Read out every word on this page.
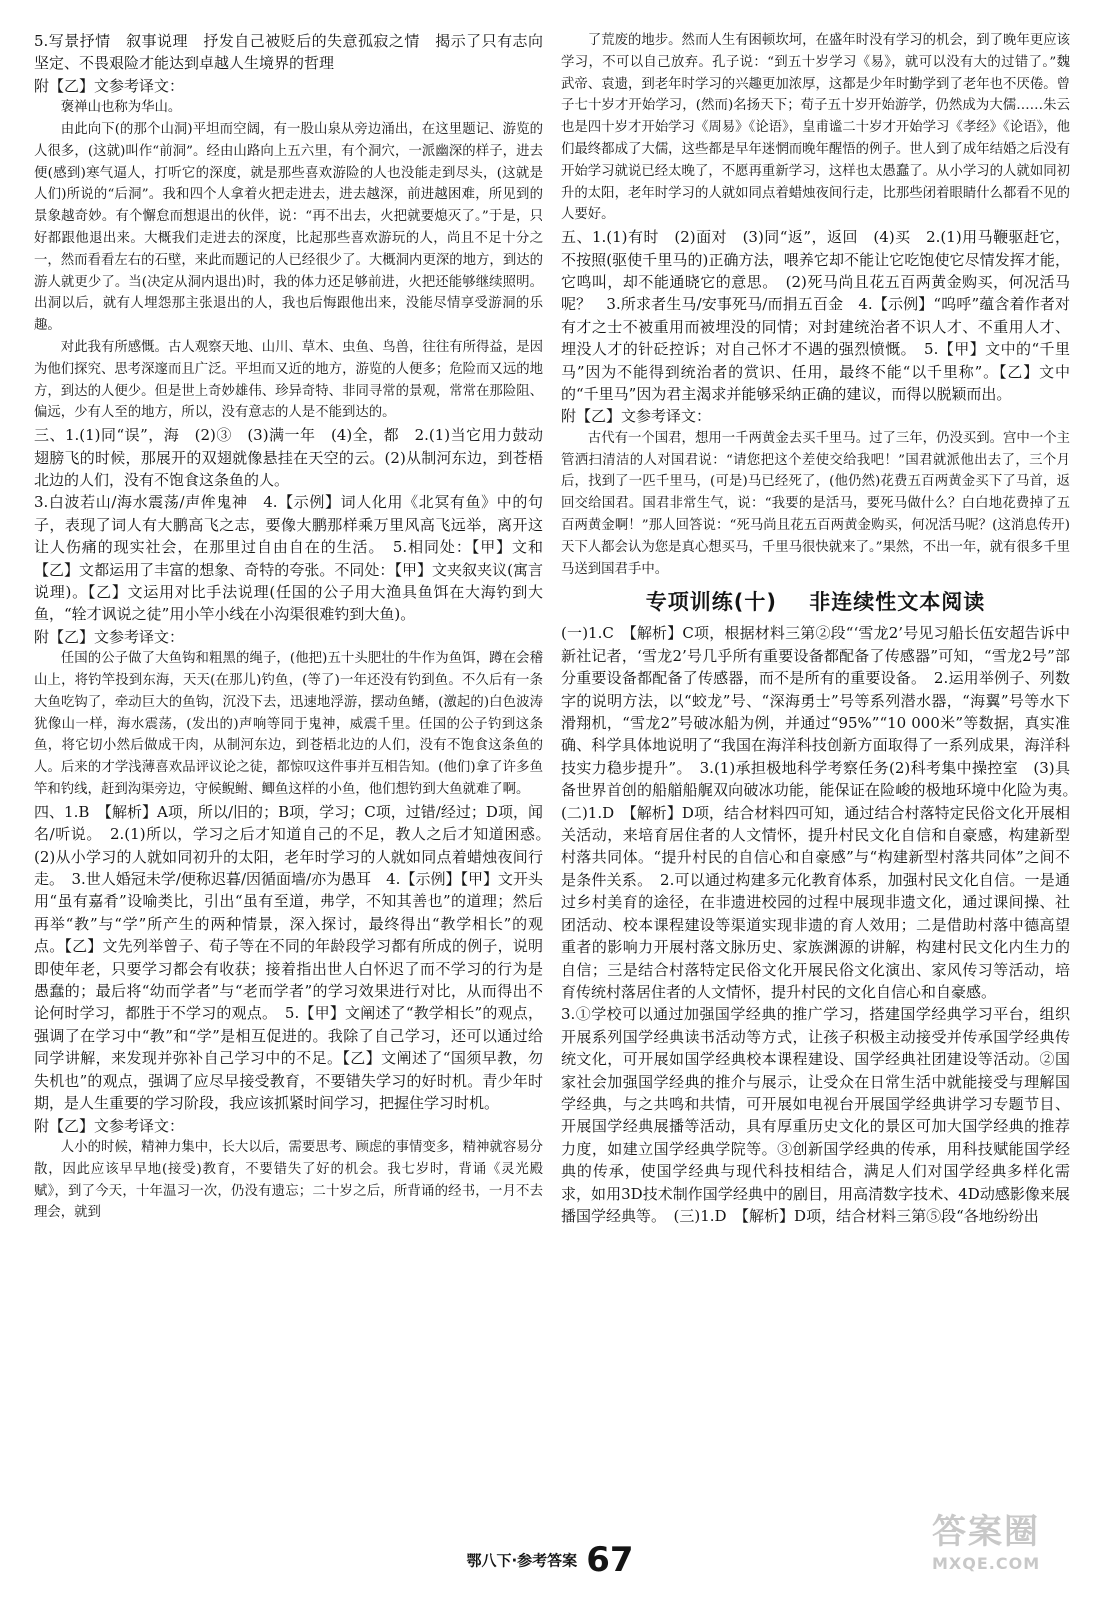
5.写景抒情　叙事说理　抒发自己被贬后的失意孤寂之情　揭示了只有志向坚定、不畏艰险才能达到卓越人生境界的哲理

附【乙】文参考译文：

褒禅山也称为华山。

由此向下(的那个山洞)平坦而空阔，有一股山泉从旁边涌出，在这里题记、游览的人很多，(这就)叫作“前洞”。经由山路向上五六里，有个洞穴，一派幽深的样子，进去便(感到)寒气逼人，打听它的深度，就是那些喜欢游险的人也没能走到尽头，(这就是人们)所说的“后洞”。我和四个人拿着火把走进去，进去越深，前进越困难，所见到的景象越奇妙。有个懈怠而想退出的伙伴，说：“再不出去，火把就要熄灭了。”于是，只好都跟他退出来。大概我们走进去的深度，比起那些喜欢游玩的人，尚且不足十分之一，然而看看左右的石壁，来此而题记的人已经很少了。大概洞内更深的地方，到达的游人就更少了。当(决定从洞内退出)时，我的体力还足够前进，火把还能够继续照明。出洞以后，就有人埋怨那主张退出的人，我也后悔跟他出来，没能尽情享受游洞的乐趣。

对此我有所感慨。古人观察天地、山川、草木、虫鱼、鸟兽，往往有所得益，是因为他们探究、思考深邃而且广泛。平坦而又近的地方，游览的人便多；危险而又远的地方，到达的人便少。但是世上奇妙雄伟、珍异奇特、非同寻常的景观，常常在那险阻、偏远，少有人至的地方，所以，没有意志的人是不能到达的。

三、1.(1)同“误”，海　(2)③　(3)满一年　(4)全，都　2.(1)当它用力鼓动翅膀飞的时候，那展开的双翅就像悬挂在天空的云。(2)从制河东边，到苍梧北边的人们，没有不饱食这条鱼的人。

3.白波若山/海水震荡/声侔鬼神　4.【示例】词人化用《北冥有鱼》中的句子，表现了词人有大鹏高飞之志，要像大鹏那样乘万里风高飞远举，离开这让人伤痛的现实社会，在那里过自由自在的生活。　5.相同处：【甲】文和【乙】文都运用了丰富的想象、奇特的夸张。不同处：【甲】文夹叙夹议(寓言说理)。【乙】文运用对比手法说理(任国的公子用大渔具鱼饵在大海钓到大鱼，“辁才讽说之徒”用小竿小线在小沟渠很难钓到大鱼)。

附【乙】文参考译文：

任国的公子做了大鱼钩和粗黑的绳子，(他把)五十头肥壮的牛作为鱼饵，蹲在会稽山上，将钓竿投到东海，天天(在那儿)钓鱼，(等了)一年还没有钓到鱼。不久后有一条大鱼吃钩了，牵动巨大的鱼钩，沉没下去，迅速地浮游，摆动鱼鳍，(激起的)白色波涛犹像山一样，海水震荡，(发出的)声响等同于鬼神，威震千里。任国的公子钓到这条鱼，将它切小然后做成干肉，从制河东边，到苍梧北边的人们，没有不饱食这条鱼的人。后来的才学浅薄喜欢品评议论之徒，都惊叹这件事并互相告知。(他们)拿了许多鱼竿和钓线，赶到沟渠旁边，守候鲵鲋、鲫鱼这样的小鱼，他们想钓到大鱼就难了啊。

四、1.B　【解析】A项，所以/旧的；B项，学习；C项，过错/经过；D项，闻名/听说。　2.(1)所以，学习之后才知道自己的不足，教人之后才知道困惑。　(2)从小学习的人就如同初升的太阳，老年时学习的人就如同点着蜡烛夜间行走。　3.世人婚冠未学/便称迟暮/因循面墙/亦为愚耳　4.【示例】【甲】文开头用“虽有嘉肴”设喻类比，引出“虽有至道，弗学，不知其善也”的道理；然后再举“教”与“学”所产生的两种情景，深入探讨，最终得出“教学相长”的观点。【乙】文先列举曾子、荀子等在不同的年龄段学习都有所成的例子，说明即使年老，只要学习都会有收获；接着指出世人白怀迟了而不学习的行为是愚蠢的；最后将“幼而学者”与“老而学者”的学习效果进行对比，从而得出不论何时学习，都胜于不学习的观点。　5.【甲】文阐述了“教学相长”的观点，强调了在学习中“教”和“学”是相互促进的。我除了自己学习，还可以通过给同学讲解，来发现并弥补自己学习中的不足。【乙】文阐述了“国须早教，勿失机也”的观点，强调了应尽早接受教育，不要错失学习的好时机。青少年时期，是人生重要的学习阶段，我应该抓紧时间学习，把握住学习时机。

附【乙】文参考译文：

人小的时候，精神力集中，长大以后，需要思考、顾虑的事情变多，精神就容易分散，因此应该早早地(接受)教育，不要错失了好的机会。我七岁时，背诵《灵光殿赋》，到了今天，十年温习一次，仍没有遗忘；二十岁之后，所背诵的经书，一月不去理会，就到

了荒废的地步。然而人生有困顿坎坷，在盛年时没有学习的机会，到了晚年更应该学习，不可以自己放弃。孔子说：“到五十岁学习《易》，就可以没有大的过错了。”魏武帝、袁遗，到老年时学习的兴趣更加浓厚，这都是少年时勤学到了老年也不厌倦。曾子七十岁才开始学习，(然而)名扬天下；荀子五十岁开始游学，仍然成为大儒……朱云也是四十岁才开始学习《周易》《论语》，皇甫谧二十岁才开始学习《孝经》《论语》，他们最终都成了大儒，这些都是早年迷惘而晚年醒悟的例子。世人到了成年结婚之后没有开始学习就说已经太晚了，不愿再重新学习，这样也太愚蠢了。从小学习的人就如同初升的太阳，老年时学习的人就如同点着蜡烛夜间行走，比那些闭着眼睛什么都看不见的人要好。

五、1.(1)有时　(2)面对　(3)同“返”，返回　(4)买　2.(1)用马鞭驱赶它，不按照(驱使千里马的)正确方法，喂养它却不能让它吃饱使它尽情发挥才能，它鸣叫，却不能通晓它的意思。　(2)死马尚且花五百两黄金购买，何况活马呢？　3.所求者生马/安事死马/而捐五百金　4.【示例】“呜呼”蕴含着作者对有才之士不被重用而被埋没的同情；对封建统治者不识人才、不重用人才、埋没人才的针砭控诉；对自己怀才不遇的强烈愤慨。　5.【甲】文中的“千里马”因为不能得到统治者的赏识、任用，最终不能“以千里称”。【乙】文中的“千里马”因为君主渴求并能够采纳正确的建议，而得以脱颖而出。

附【乙】文参考译文：

古代有一个国君，想用一千两黄金去买千里马。过了三年，仍没买到。宫中一个主管洒扫清洁的人对国君说：“请您把这个差使交给我吧！”国君就派他出去了，三个月后，找到了一匹千里马，(可是)马已经死了，(他仍然)花费五百两黄金买下了马首，返回交给国君。国君非常生气，说：“我要的是活马，要死马做什么？白白地花费掉了五百两黄金啊！”那人回答说：“死马尚且花五百两黄金购买，何况活马呢？(这消息传开)天下人都会认为您是真心想买马，千里马很快就来了。”果然，不出一年，就有很多千里马送到国君手中。

专项训练(十) 非连续性文本阅读

(一)1.C　【解析】C项，根据材料三第②段“‘雪龙2’号见习船长伍安超告诉中新社记者，‘雪龙2’号几乎所有重要设备都配备了传感器”可知，“雪龙2号”部分重要设备都配备了传感器，而不是所有的重要设备。　2.运用举例子、列数字的说明方法，以“蛟龙”号、“深海勇士”号等系列潜水器，“海翼”号等水下滑翔机，“雪龙2”号破冰船为例，并通过“95%”“10 000米”等数据，真实准确、科学具体地说明了“我国在海洋科技创新方面取得了一系列成果，海洋科技实力稳步提升”。　3.(1)承担极地科学考察任务(2)科考集中操控室　(3)具备世界首创的船艏船艉双向破冰功能，能保证在险峻的极地环境中化险为夷。　(二)1.D　【解析】D项，结合材料四可知，通过结合村落特定民俗文化开展相关活动，来培育居住者的人文情怀，提升村民文化自信和自豪感，构建新型村落共同体。“提升村民的自信心和自豪感”与“构建新型村落共同体”之间不是条件关系。　2.可以通过构建多元化教育体系，加强村民文化自信。一是通过乡村美育的途径，在非遗进校园的过程中展现非遗文化，通过课间操、社团活动、校本课程建设等渠道实现非遗的育人效用；二是借助村落中德高望重者的影响力开展村落文脉历史、家族渊源的讲解，构建村民文化内生力的自信；三是结合村落特定民俗文化开展民俗文化演出、家风传习等活动，培育传统村落居住者的人文情怀，提升村民的文化自信心和自豪感。

3.①学校可以通过加强国学经典的推广学习，搭建国学经典学习平台，组织开展系列国学经典读书活动等方式，让孩子积极主动接受并传承国学经典传统文化，可开展如国学经典校本课程建设、国学经典社团建设等活动。②国家社会加强国学经典的推介与展示，让受众在日常生活中就能接受与理解国学经典，与之共鸣和共情，可开展如电视台开展国学经典讲学习专题节目、开展国学经典展播等活动，具有厚重历史文化的景区可加大国学经典的推荐力度，如建立国学经典学院等。③创新国学经典的传承，用科技赋能国学经典的传承，使国学经典与现代科技相结合，满足人们对国学经典多样化需求，如用3D技术制作国学经典中的剧目，用高清数字技术、4D动感影像来展播国学经典等。　(三)1.D　【解析】D项，结合材料三第⑤段“各地纷纷出

鄂八下·参考答案 67
答案圈
MXQE.COM
